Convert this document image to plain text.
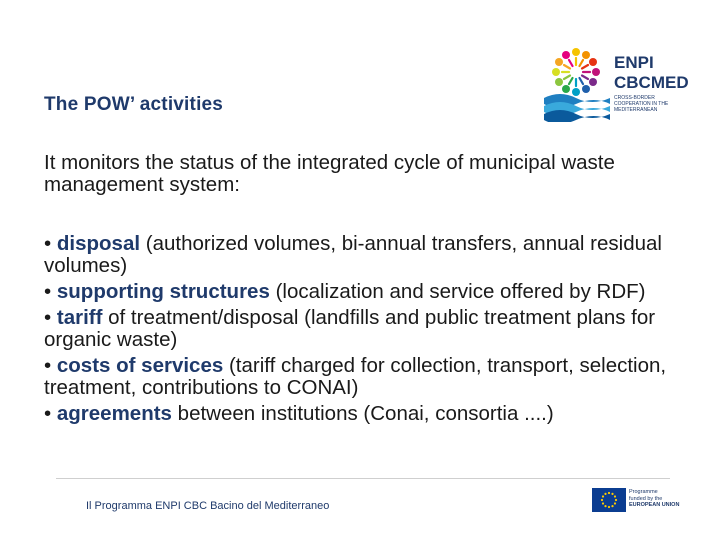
ENPI
CBCMED
CROSS-BORDER COOPERATION IN THE MEDITERRANEAN
The POW’ activities
It monitors the status of the integrated cycle of municipal waste management system:
• disposal (authorized volumes, bi-annual transfers, annual residual volumes)
• supporting structures (localization and service offered by RDF)
• tariff of treatment/disposal (landfills and public treatment plans for organic waste)
• costs of services (tariff charged for collection, transport, selection, treatment, contributions to CONAI)
• agreements between institutions (Conai, consortia ....)
Il Programma ENPI CBC Bacino del Mediterraneo
Programme
funded by the
EUROPEAN UNION
